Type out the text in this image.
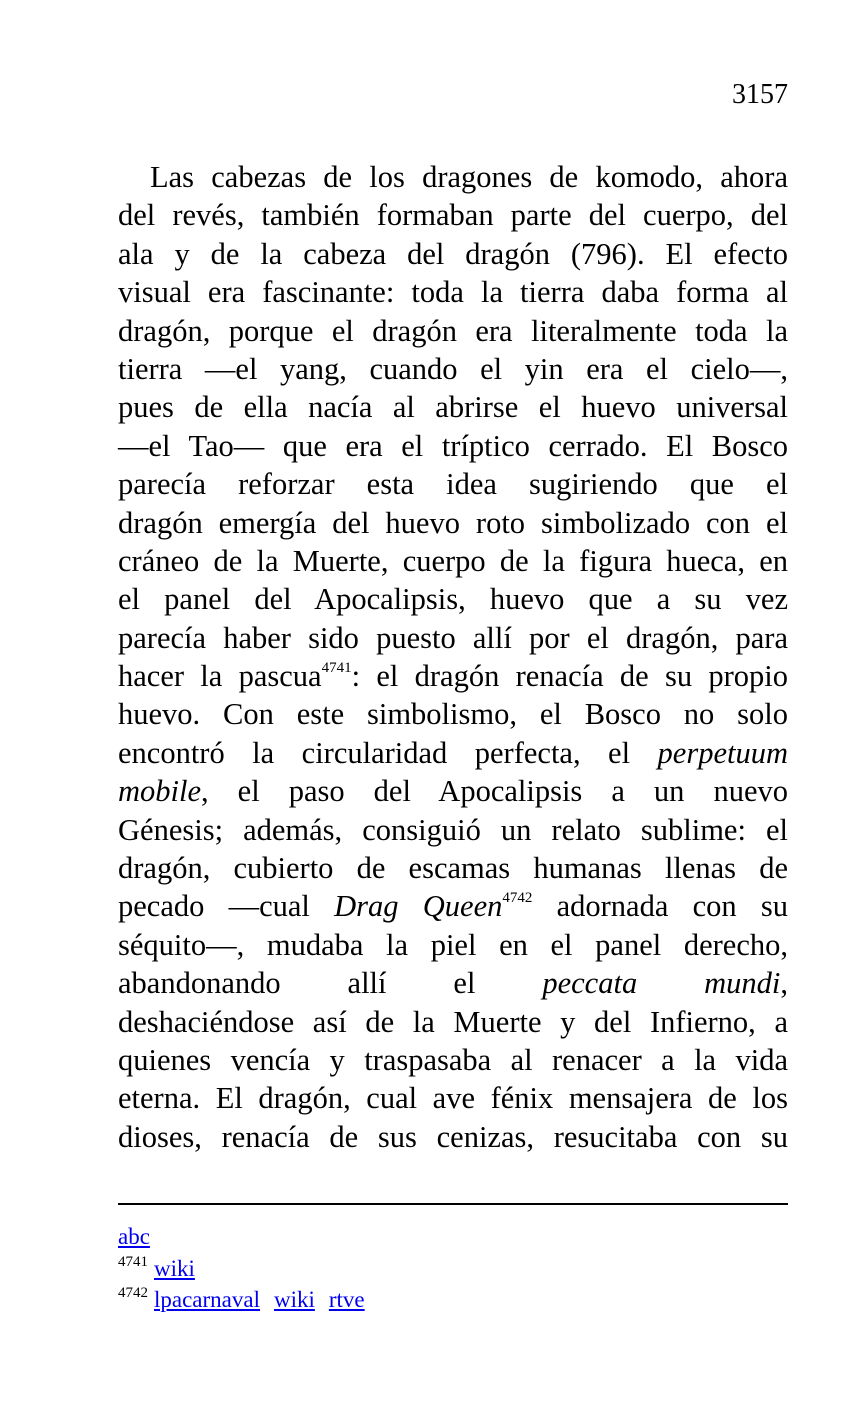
3157
Las cabezas de los dragones de komodo, ahora
del revés, también formaban parte del cuerpo, del
ala y de la cabeza del dragón (796). El efecto
visual era fascinante: toda la tierra daba forma al
dragón, porque el dragón era literalmente toda la
tierra —el yang, cuando el yin era el cielo—,
pues de ella nacía al abrirse el huevo universal
—el Tao— que era el tríptico cerrado. El Bosco
parecía reforzar esta idea sugiriendo que el
dragón emergía del huevo roto simbolizado con el
cráneo de la Muerte, cuerpo de la figura hueca, en
el panel del Apocalipsis, huevo que a su vez
parecía haber sido puesto allí por el dragón, para
hacer la pascua$^{4741}$: el dragón renacía de su propio
huevo. Con este simbolismo, el Bosco no solo
encontró la circularidad perfecta, el perpetuum
mobile, el paso del Apocalipsis a un nuevo
Génesis; además, consiguió un relato sublime: el
dragón, cubierto de escamas humanas llenas de
pecado —cual Drag Queen$^{4742}$ adornada con su
séquito—, mudaba la piel en el panel derecho,
abandonando allí el peccata mundi,
deshaciéndose así de la Muerte y del Infierno, a
quienes vencía y traspasaba al renacer a la vida
eterna. El dragón, cual ave fénix mensajera de los
dioses, renacía de sus cenizas, resucitaba con su
abc
$^{4741}$ wiki
$^{4742}$ lpacarnaval wiki rtve
